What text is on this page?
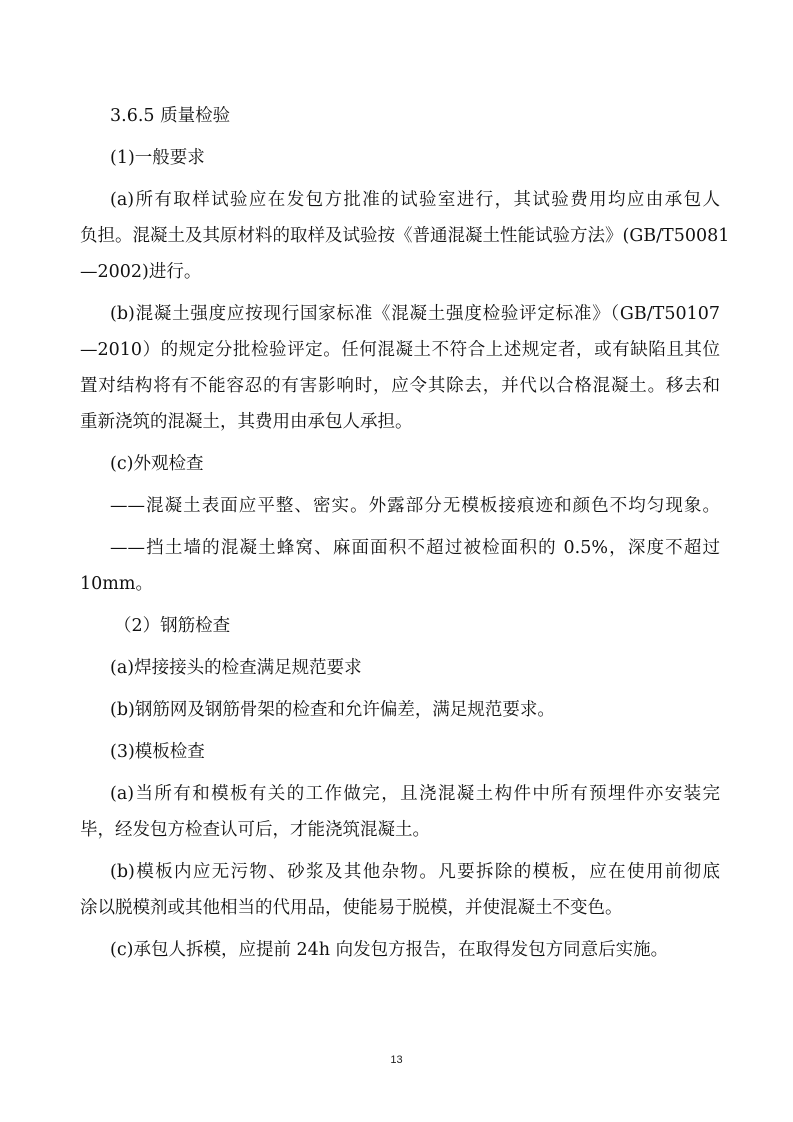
3.6.5 质量检验
(1)一般要求
(a)所有取样试验应在发包方批准的试验室进行，其试验费用均应由承包人
负担。混凝土及其原材料的取样及试验按《普通混凝土性能试验方法》(GB/T50081
—2002)进行。
(b)混凝土强度应按现行国家标准《混凝土强度检验评定标准》（GB/T50107
—2010）的规定分批检验评定。任何混凝土不符合上述规定者，或有缺陷且其位
置对结构将有不能容忍的有害影响时，应令其除去，并代以合格混凝土。移去和
重新浇筑的混凝土，其费用由承包人承担。
(c)外观检查
——混凝土表面应平整、密实。外露部分无模板接痕迹和颜色不均匀现象。
——挡土墙的混凝土蜂窝、麻面面积不超过被检面积的 0.5%，深度不超过
10mm。
（2）钢筋检查
(a)焊接接头的检查满足规范要求
(b)钢筋网及钢筋骨架的检查和允许偏差，满足规范要求。
(3)模板检查
(a)当所有和模板有关的工作做完，且浇混凝土构件中所有预埋件亦安装完
毕，经发包方检查认可后，才能浇筑混凝土。
(b)模板内应无污物、砂浆及其他杂物。凡要拆除的模板，应在使用前彻底
涂以脱模剂或其他相当的代用品，使能易于脱模，并使混凝土不变色。
(c)承包人拆模，应提前 24h 向发包方报告，在取得发包方同意后实施。
13
